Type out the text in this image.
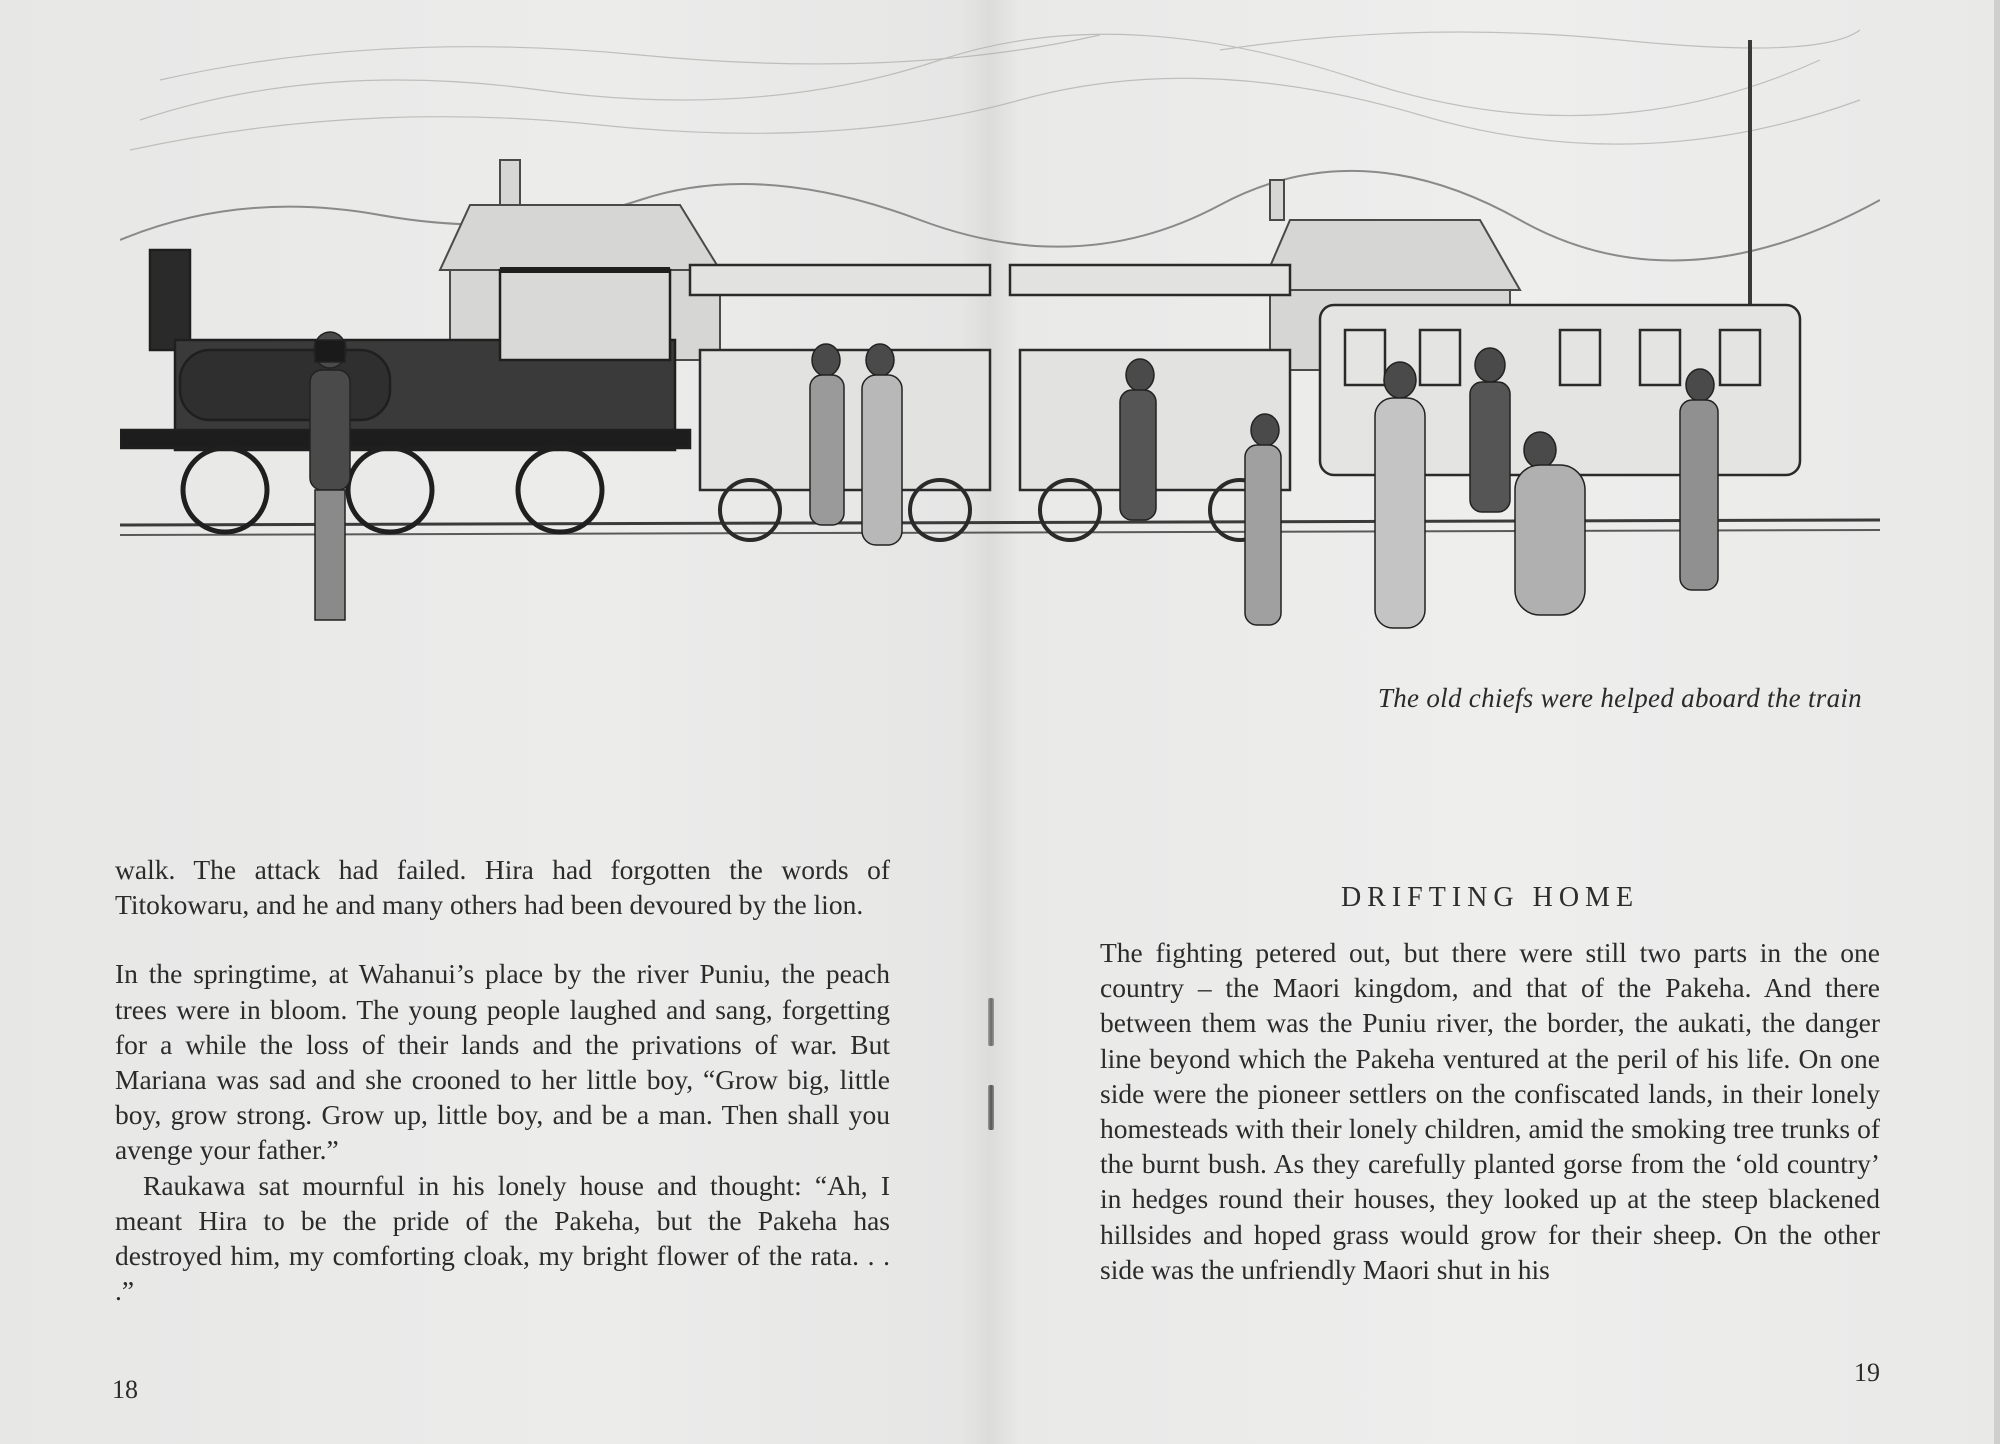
The old chiefs were helped aboard the train

walk. The attack had failed. Hira had forgotten the words of Titokowaru, and he and many others had been devoured by the lion.

In the springtime, at Wahanui’s place by the river Puniu, the peach trees were in bloom. The young people laughed and sang, forgetting for a while the loss of their lands and the privations of war. But Mariana was sad and she crooned to her little boy, “Grow big, little boy, grow strong. Grow up, little boy, and be a man. Then shall you avenge your father.”

Raukawa sat mournful in his lonely house and thought: “Ah, I meant Hira to be the pride of the Pakeha, but the Pakeha has destroyed him, my comforting cloak, my bright flower of the rata. . . .”

18
DRIFTING HOME

The fighting petered out, but there were still two parts in the one country – the Maori kingdom, and that of the Pakeha. And there between them was the Puniu river, the border, the aukati, the danger line beyond which the Pakeha ventured at the peril of his life. On one side were the pioneer settlers on the confiscated lands, in their lonely homesteads with their lonely children, amid the smoking tree trunks of the burnt bush. As they carefully planted gorse from the ‘old country’ in hedges round their houses, they looked up at the steep blackened hillsides and hoped grass would grow for their sheep. On the other side was the unfriendly Maori shut in his

19
